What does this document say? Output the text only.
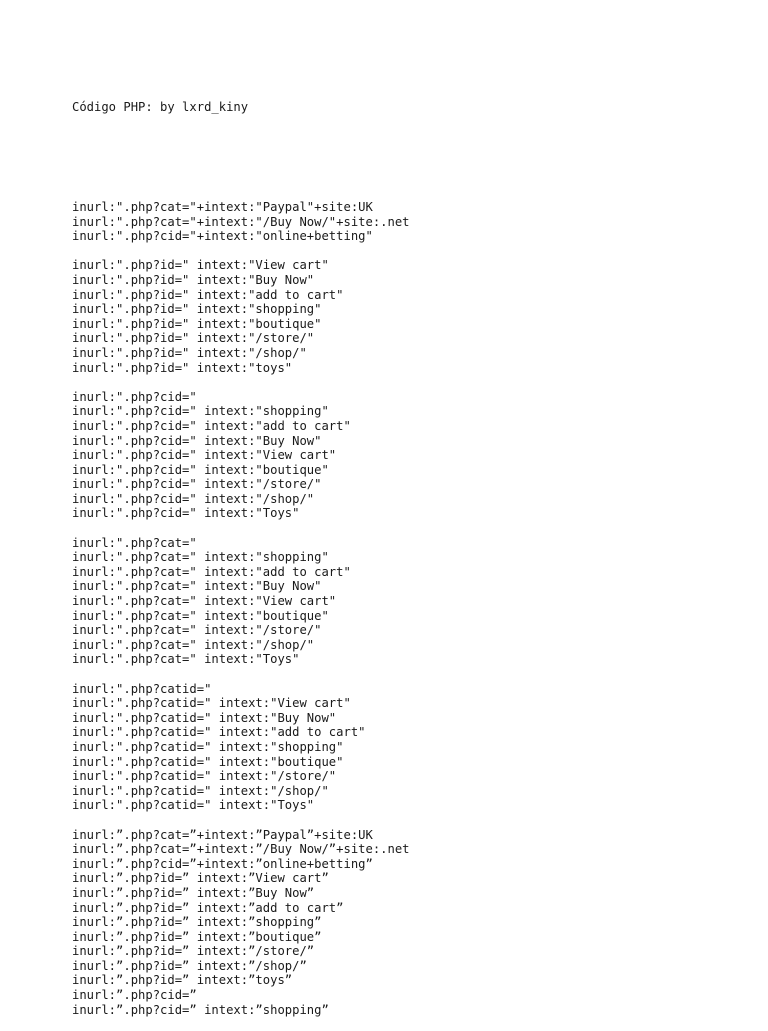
Código PHP: by lxrd_kiny

inurl:".php?cat="+intext:"Paypal"+site:UK
inurl:".php?cat="+intext:"/Buy Now/"+site:.net
inurl:".php?cid="+intext:"online+betting"
inurl:".php?id=" intext:"View cart"
inurl:".php?id=" intext:"Buy Now"
inurl:".php?id=" intext:"add to cart"
inurl:".php?id=" intext:"shopping"
inurl:".php?id=" intext:"boutique"
inurl:".php?id=" intext:"/store/"
inurl:".php?id=" intext:"/shop/"
inurl:".php?id=" intext:"toys"
inurl:".php?cid="
inurl:".php?cid=" intext:"shopping"
inurl:".php?cid=" intext:"add to cart"
inurl:".php?cid=" intext:"Buy Now"
inurl:".php?cid=" intext:"View cart"
inurl:".php?cid=" intext:"boutique"
inurl:".php?cid=" intext:"/store/"
inurl:".php?cid=" intext:"/shop/"
inurl:".php?cid=" intext:"Toys"
inurl:".php?cat="
inurl:".php?cat=" intext:"shopping"
inurl:".php?cat=" intext:"add to cart"
inurl:".php?cat=" intext:"Buy Now"
inurl:".php?cat=" intext:"View cart"
inurl:".php?cat=" intext:"boutique"
inurl:".php?cat=" intext:"/store/"
inurl:".php?cat=" intext:"/shop/"
inurl:".php?cat=" intext:"Toys"
inurl:".php?catid="
inurl:".php?catid=" intext:"View cart"
inurl:".php?catid=" intext:"Buy Now"
inurl:".php?catid=" intext:"add to cart"
inurl:".php?catid=" intext:"shopping"
inurl:".php?catid=" intext:"boutique"
inurl:".php?catid=" intext:"/store/"
inurl:".php?catid=" intext:"/shop/"
inurl:".php?catid=" intext:"Toys"
inurl:”.php?cat=”+intext:”Paypal”+site:UK
inurl:”.php?cat=”+intext:”/Buy Now/”+site:.net
inurl:”.php?cid=”+intext:”online+betting”
inurl:”.php?id=” intext:”View cart”
inurl:”.php?id=” intext:”Buy Now”
inurl:”.php?id=” intext:”add to cart”
inurl:”.php?id=” intext:”shopping”
inurl:”.php?id=” intext:”boutique”
inurl:”.php?id=” intext:”/store/”
inurl:”.php?id=” intext:”/shop/”
inurl:”.php?id=” intext:”toys”
inurl:”.php?cid=”
inurl:”.php?cid=” intext:”shopping”
